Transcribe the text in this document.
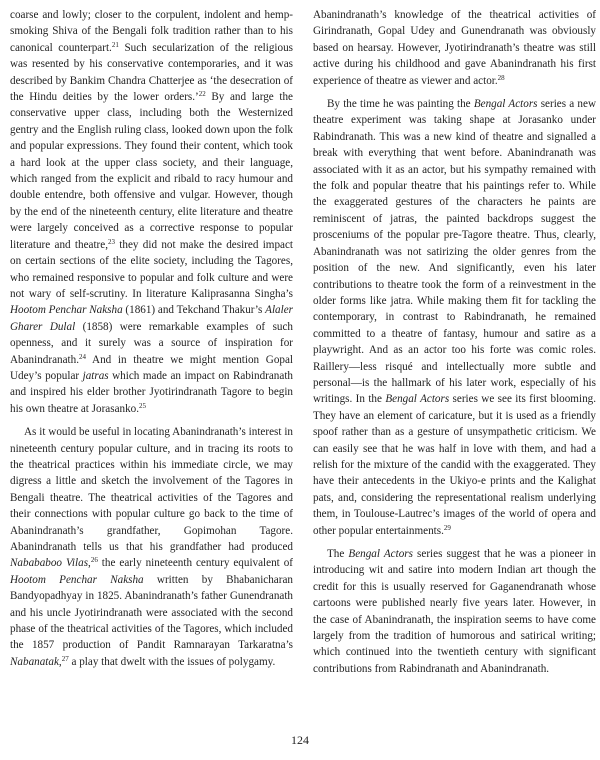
coarse and lowly; closer to the corpulent, indolent and hemp-smoking Shiva of the Bengali folk tradition rather than to his canonical counterpart.$^{21}$ Such secularization of the religious was resented by his conservative contemporaries, and it was described by Bankim Chandra Chatterjee as ‘the desecration of the Hindu deities by the lower orders.’$^{22}$ By and large the conservative upper class, including both the Westernized gentry and the English ruling class, looked down upon the folk and popular expressions. They found their content, which took a hard look at the upper class society, and their language, which ranged from the explicit and ribald to racy humour and double entendre, both offensive and vulgar. However, though by the end of the nineteenth century, elite literature and theatre were largely conceived as a corrective response to popular literature and theatre,$^{23}$ they did not make the desired impact on certain sections of the elite society, including the Tagores, who remained responsive to popular and folk culture and were not wary of self-scrutiny. In literature Kaliprasanna Singha’s Hootom Penchar Naksha (1861) and Tekchand Thakur’s Alaler Gharer Dulal (1858) were remarkable examples of such openness, and it surely was a source of inspiration for Abanindranath.$^{24}$ And in theatre we might mention Gopal Udey’s popular jatras which made an impact on Rabindranath and inspired his elder brother Jyotirindranath Tagore to begin his own theatre at Jorasanko.$^{25}$

As it would be useful in locating Abanindranath’s interest in nineteenth century popular culture, and in tracing its roots to the theatrical practices within his immediate circle, we may digress a little and sketch the involvement of the Tagores in Bengali theatre. The theatrical activities of the Tagores and their connections with popular culture go back to the time of Abanindranath’s grandfather, Gopimohan Tagore. Abanindranath tells us that his grandfather had produced Nabababoo Vilas,$^{26}$ the early nineteenth century equivalent of Hootom Penchar Naksha written by Bhabanicharan Bandyopadhyay in 1825. Abanindranath’s father Gunendranath and his uncle Jyotirindranath were associated with the second phase of the theatrical activities of the Tagores, which included the 1857 production of Pandit Ramnarayan Tarkaratna’s Nabanatak,$^{27}$ a play that dwelt with the issues of polygamy.

Abanindranath’s knowledge of the theatrical activities of Girindranath, Gopal Udey and Gunendranath was obviously based on hearsay. However, Jyotirindranath’s theatre was still active during his childhood and gave Abanindranath his first experience of theatre as viewer and actor.$^{28}$

By the time he was painting the Bengal Actors series a new theatre experiment was taking shape at Jorasanko under Rabindranath. This was a new kind of theatre and signalled a break with everything that went before. Abanindranath was associated with it as an actor, but his sympathy remained with the folk and popular theatre that his paintings refer to. While the exaggerated gestures of the characters he paints are reminiscent of jatras, the painted backdrops suggest the prosceniums of the popular pre-Tagore theatre. Thus, clearly, Abanindranath was not satirizing the older genres from the position of the new. And significantly, even his later contributions to theatre took the form of a reinvestment in the older forms like jatra. While making them fit for tackling the contemporary, in contrast to Rabindranath, he remained committed to a theatre of fantasy, humour and satire as a playwright. And as an actor too his forte was comic roles. Raillery—less risqué and intellectually more subtle and personal—is the hallmark of his later work, especially of his writings. In the Bengal Actors series we see its first blooming. They have an element of caricature, but it is used as a friendly spoof rather than as a gesture of unsympathetic criticism. We can easily see that he was half in love with them, and had a relish for the mixture of the candid with the exaggerated. They have their antecedents in the Ukiyo-e prints and the Kalighat pats, and, considering the representational realism underlying them, in Toulouse-Lautrec’s images of the world of opera and other popular entertainments.$^{29}$

The Bengal Actors series suggest that he was a pioneer in introducing wit and satire into modern Indian art though the credit for this is usually reserved for Gaganendranath whose cartoons were published nearly five years later. However, in the case of Abanindranath, the inspiration seems to have come largely from the tradition of humorous and satirical writing; which continued into the twentieth century with significant contributions from Rabindranath and Abanindranath.

124
